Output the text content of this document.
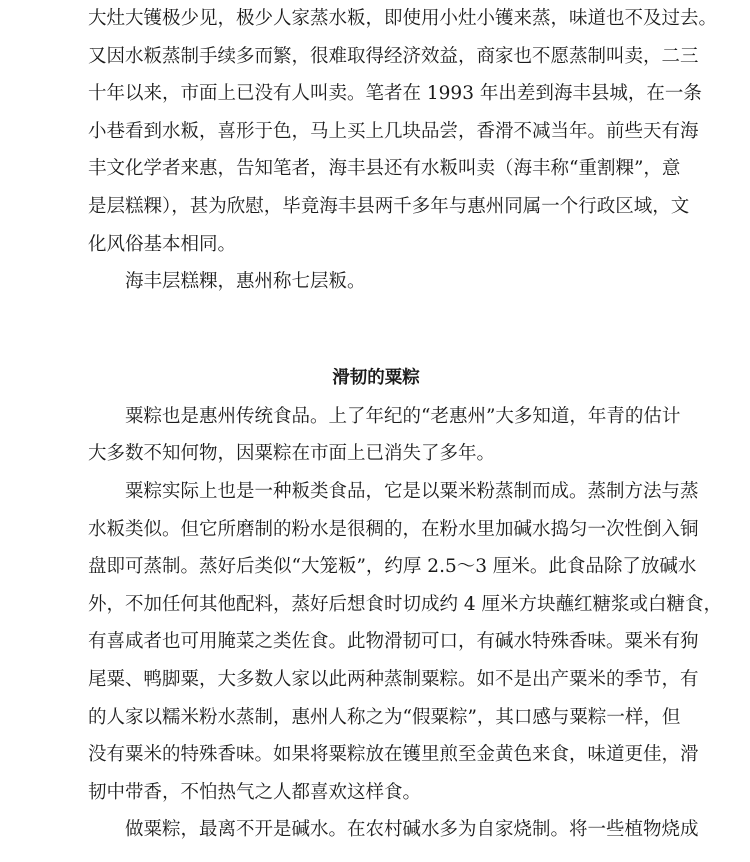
大灶大镬极少见，极少人家蒸水粄，即使用小灶小镬来蒸，味道也不及过去。
又因水粄蒸制手续多而繁，很难取得经济效益，商家也不愿蒸制叫卖，二三
十年以来，市面上已没有人叫卖。笔者在 1993 年出差到海丰县城，在一条
小巷看到水粄，喜形于色，马上买上几块品尝，香滑不减当年。前些天有海
丰文化学者来惠，告知笔者，海丰县还有水粄叫卖（海丰称“重割粿”，意
是层糕粿），甚为欣慰，毕竟海丰县两千多年与惠州同属一个行政区域，文
化风俗基本相同。
海丰层糕粿，惠州称七层粄。
滑韧的粟粽
粟粽也是惠州传统食品。上了年纪的“老惠州”大多知道，年青的估计
大多数不知何物，因粟粽在市面上已消失了多年。
粟粽实际上也是一种粄类食品，它是以粟米粉蒸制而成。蒸制方法与蒸
水粄类似。但它所磨制的粉水是很稠的，在粉水里加碱水捣匀一次性倒入铜
盘即可蒸制。蒸好后类似“大笼粄”，约厚 2.5～3 厘米。此食品除了放碱水
外，不加任何其他配料，蒸好后想食时切成约 4 厘米方块蘸红糖浆或白糖食，
有喜咸者也可用腌菜之类佐食。此物滑韧可口，有碱水特殊香味。粟米有狗
尾粟、鸭脚粟，大多数人家以此两种蒸制粟粽。如不是出产粟米的季节，有
的人家以糯米粉水蒸制，惠州人称之为“假粟粽”，其口感与粟粽一样，但
没有粟米的特殊香味。如果将粟粽放在镬里煎至金黄色来食，味道更佳，滑
韧中带香，不怕热气之人都喜欢这样食。
做粟粽，最离不开是碱水。在农村碱水多为自家烧制。将一些植物烧成
